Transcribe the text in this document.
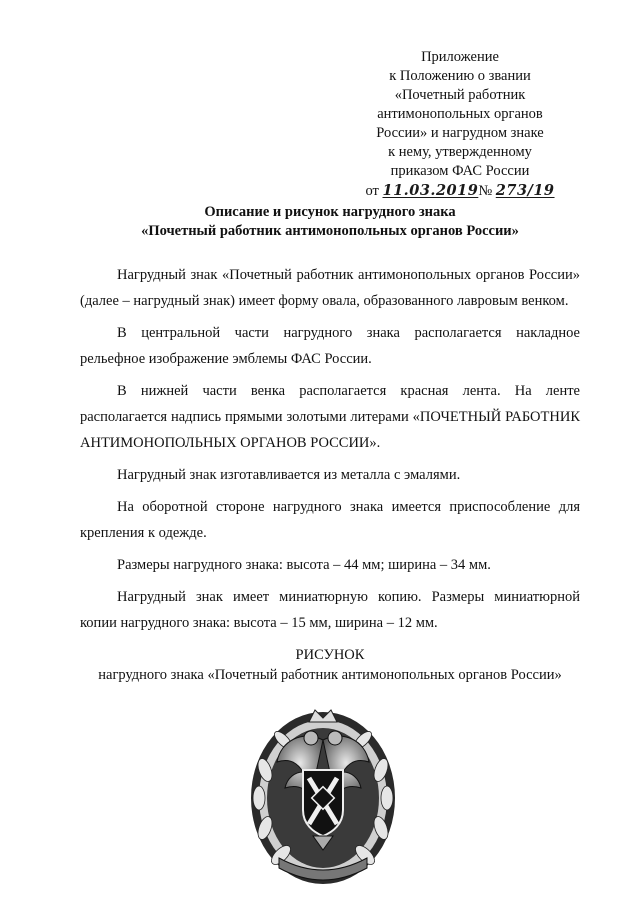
Приложение
к Положению о звании
«Почетный работник
антимонопольных органов
России» и нагрудном знаке
к нему, утвержденному
приказом ФАС России
от 11.03.2019№ 273/19
Описание и рисунок нагрудного знака
«Почетный работник антимонопольных органов России»

Нагрудный знак «Почетный работник антимонопольных органов России» (далее – нагрудный знак) имеет форму овала, образованного лавровым венком.

В центральной части нагрудного знака располагается накладное рельефное изображение эмблемы ФАС России.

В нижней части венка располагается красная лента. На ленте располагается надпись прямыми золотыми литерами «ПОЧЕТНЫЙ РАБОТНИК АНТИМОНОПОЛЬНЫХ ОРГАНОВ РОССИИ».

Нагрудный знак изготавливается из металла с эмалями.

На оборотной стороне нагрудного знака имеется приспособление для крепления к одежде.

Размеры нагрудного знака: высота – 44 мм; ширина – 34 мм.

Нагрудный знак имеет миниатюрную копию. Размеры миниатюрной копии нагрудного знака: высота – 15 мм, ширина – 12 мм.

РИСУНОК
нагрудного знака «Почетный работник антимонопольных органов России»
